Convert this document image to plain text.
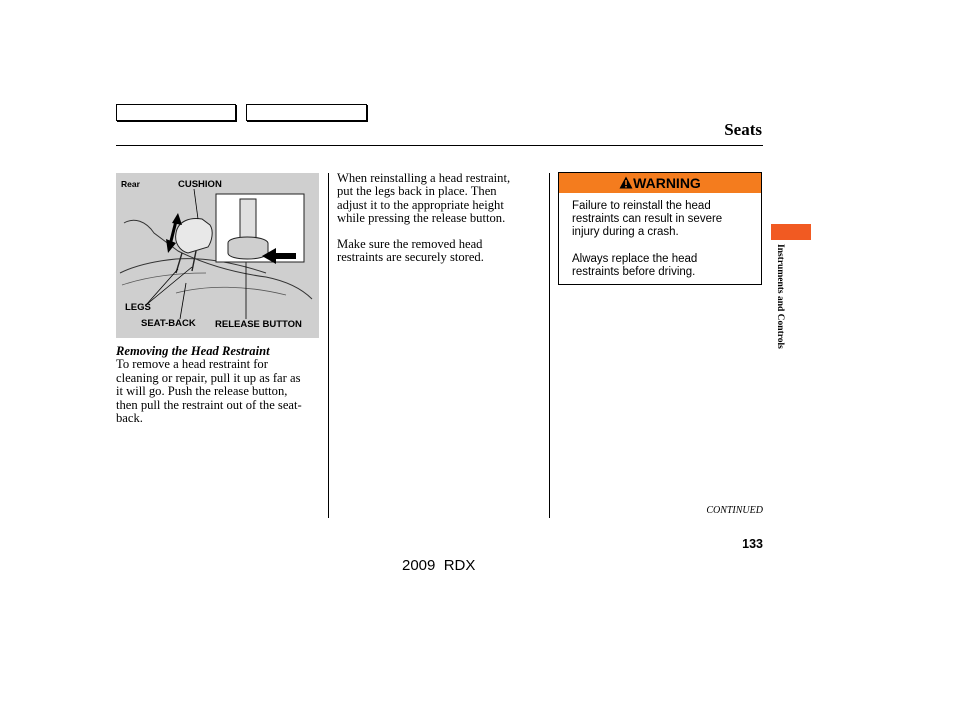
Seats
Rear	CUSHION
LEGS
SEAT-BACK RELEASE BUTTON
Removing the Head Restraint
To remove a head restraint for
cleaning or repair, pull it up as far as
it will go. Push the release button,
then pull the restraint out of the seat-
back.
When reinstalling a head restraint,
put the legs back in place. Then
adjust it to the appropriate height
while pressing the release button.
Make sure the removed head
restraints are securely stored.
WARNING
Failure to reinstall the head
restraints can result in severe
injury during a crash.
Always replace the head
restraints before driving.	Instruments and Controls
CONTINUED
133
2009  RDX
